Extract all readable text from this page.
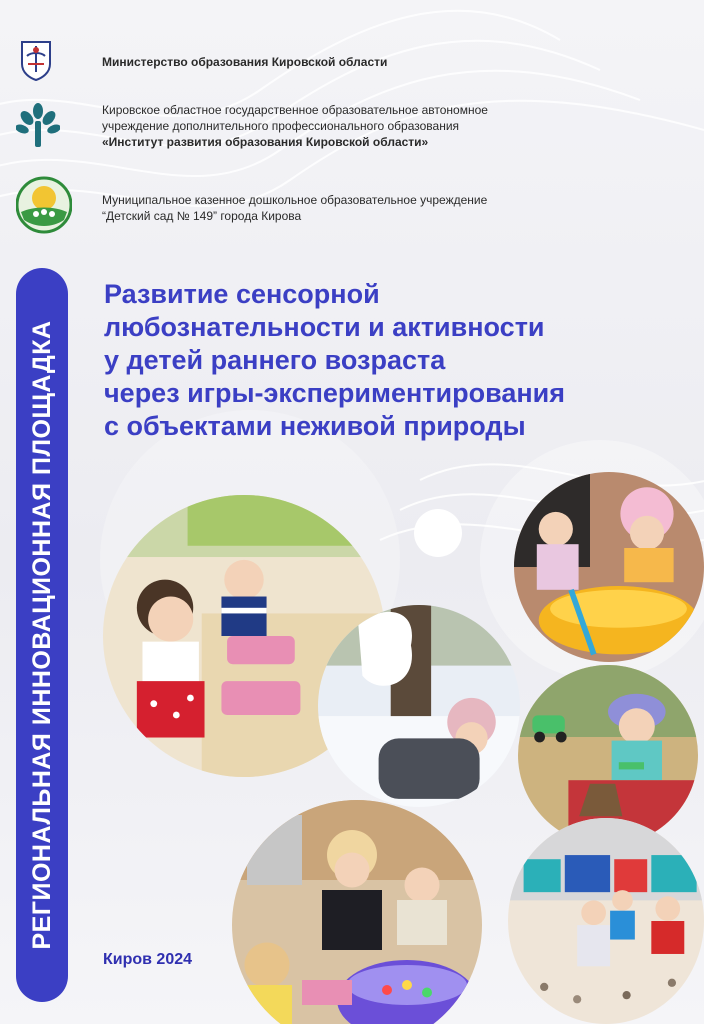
Министерство образования Кировской области
Кировское областное государственное образовательное автономное
учреждение дополнительного профессионального образования
«Институт развития образования Кировской области»
Муниципальное казенное дошкольное образовательное учреждение
“Детский сад № 149” города Кирова
РЕГИОНАЛЬНАЯ ИННОВАЦИОННАЯ ПЛОЩАДКА
Развитие сенсорной
любознательности и активности
у детей раннего возраста
через игры-экспериментирования
с объектами неживой природы
Киров 2024
